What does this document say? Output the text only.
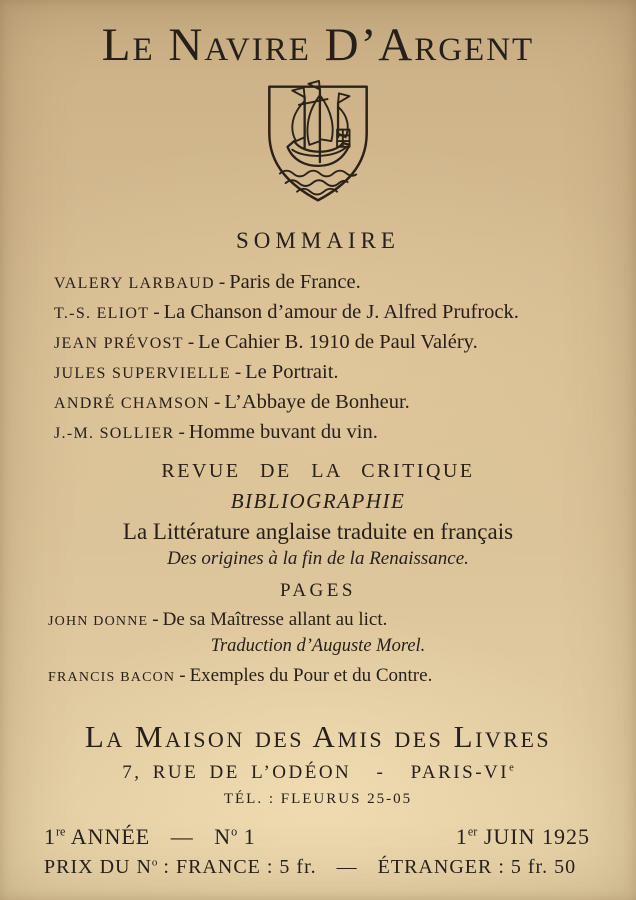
Le Navire D’Argent
SOMMAIRE
VALERY LARBAUD - Paris de France.
T.-S. ELIOT - La Chanson d’amour de J. Alfred Prufrock.
JEAN PRÉVOST - Le Cahier B. 1910 de Paul Valéry.
JULES SUPERVIELLE - Le Portrait.
ANDRÉ CHAMSON - L’Abbaye de Bonheur.
J.-M. SOLLIER - Homme buvant du vin.
REVUE DE LA CRITIQUE
BIBLIOGRAPHIE
La Littérature anglaise traduite en français
Des origines à la fin de la Renaissance.
PAGES
JOHN DONNE - De sa Maîtresse allant au lict.
Traduction d’Auguste Morel.
FRANCIS BACON - Exemples du Pour et du Contre.
La Maison des Amis des Livres
7, RUE DE L’ODÉON - PARIS-VIe
TÉL. : FLEURUS 25-05
1re ANNÉE — $N^o$ 1	1er JUIN 1925
PRIX DU $N^o$ : FRANCE : 5 fr. — ÉTRANGER : 5 fr. 50
